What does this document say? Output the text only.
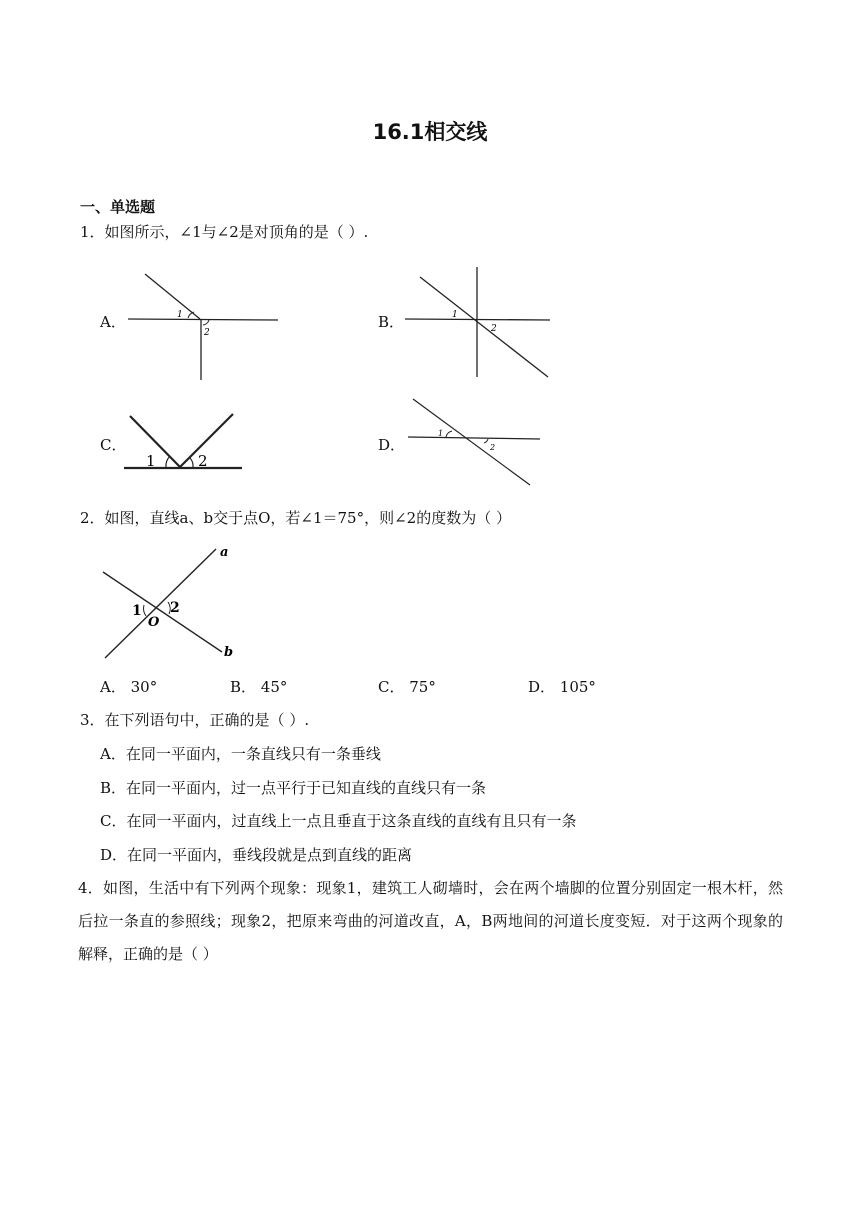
16.1相交线
一、单选题
1．如图所示，∠1与∠2是对顶角的是（ ）.
A．	1
2
B．	1
2
C．
1	2
D．
1
2
2．如图，直线a、b交于点O，若∠1＝75°，则∠2的度数为（ ）
a
b
O
1 2
A． 30°	B． 45°	C． 75°	D． 105°
3．在下列语句中，正确的是（ ）.
A．在同一平面内，一条直线只有一条垂线
B．在同一平面内，过一点平行于已知直线的直线只有一条
C．在同一平面内，过直线上一点且垂直于这条直线的直线有且只有一条
D．在同一平面内，垂线段就是点到直线的距离
4．如图，生活中有下列两个现象：现象1，建筑工人砌墙时，会在两个墙脚的位置分别固定一根木杆，然后拉一条直的参照线；现象2，把原来弯曲的河道改直，A，B两地间的河道长度变短．对于这两个现象的解释，正确的是（ ）
